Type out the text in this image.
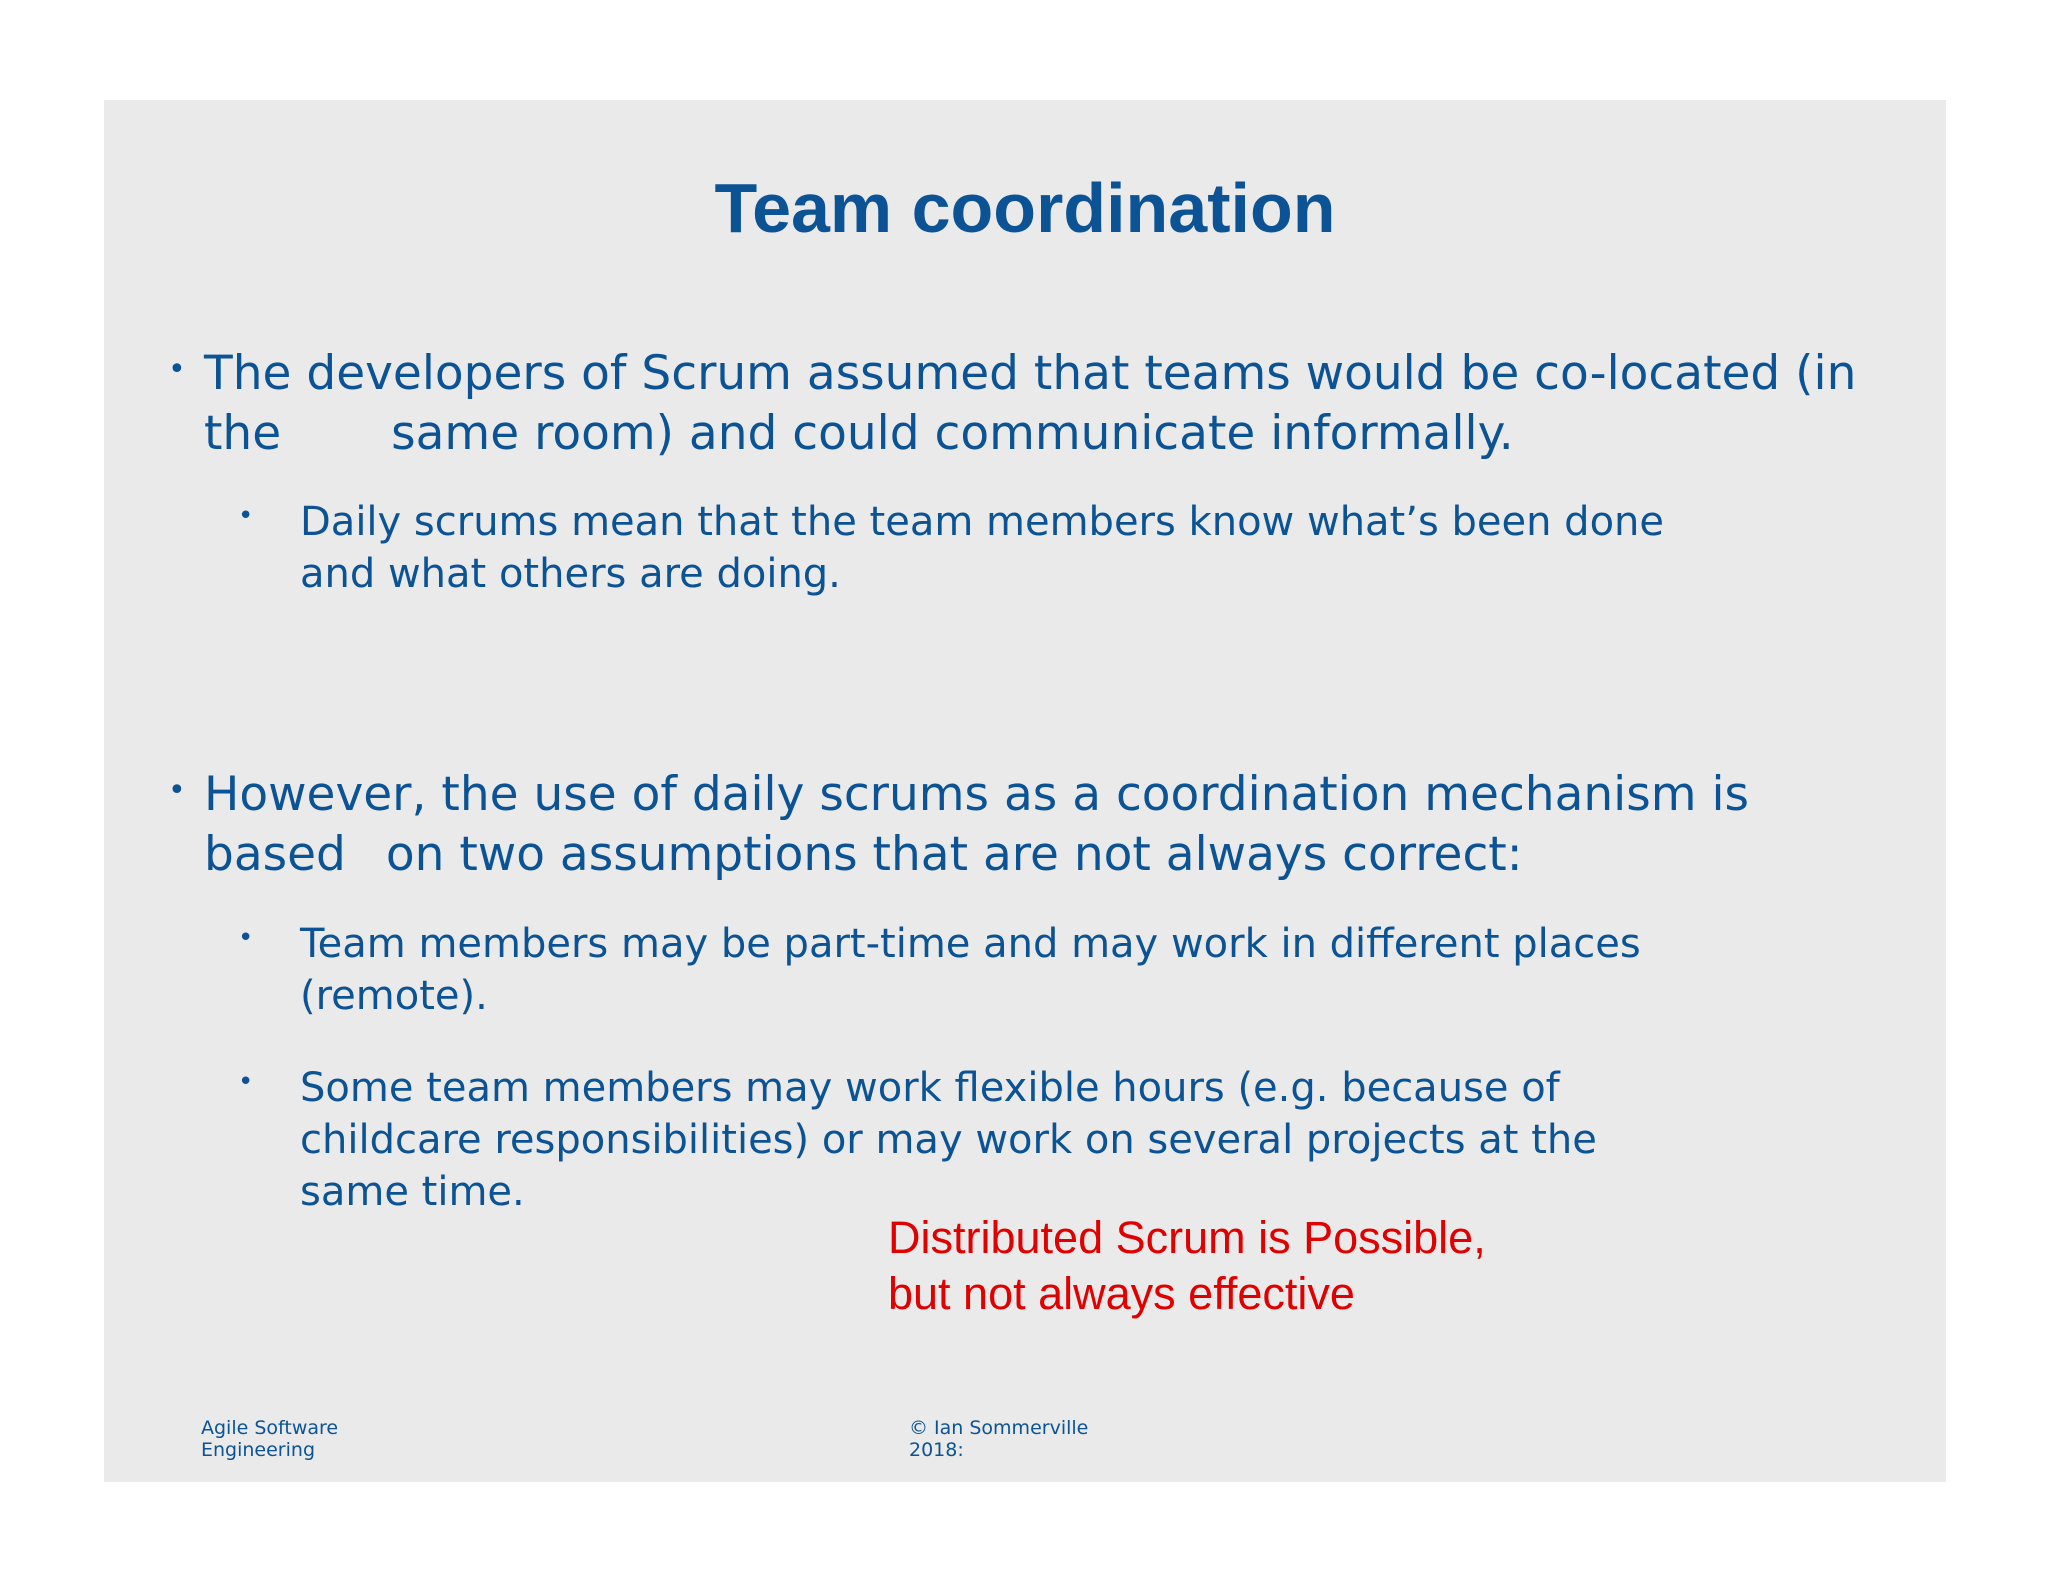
Team coordination
• The developers of Scrum assumed that teams would be co-located (in
the same room) and could communicate informally.
• Daily scrums mean that the team members know what’s been done
and what others are doing.
• However, the use of daily scrums as a coordination mechanism is
based on two assumptions that are not always correct:
• Team members may be part-time and may work in different places
(remote).
• Some team members may work flexible hours (e.g. because of
childcare responsibilities) or may work on several projects at the
same time.
Distributed Scrum is Possible,
but not always effective
Agile Software
Engineering
© Ian Sommerville
2018:
